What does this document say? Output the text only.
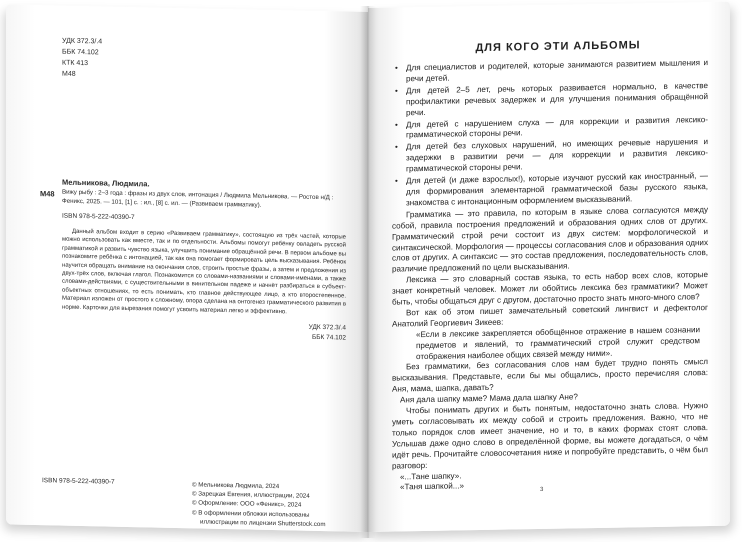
УДК 372.3/.4
ББК 74.102
КТК 413
M48
Мельникова, Людмила.
M48 Вижу рыбу : 2–3 года : фразы из двух слов, интонация / Людмила Мельникова. — Ростов н/Д : Феникс, 2025. — 101, [1] с. : ил., [8] с. ил. — (Развиваем грамматику).
ISBN 978-5-222-40390-7
Данный альбом входит в серию «Развиваем грамматику», состоящую из трёх частей, которые можно использовать как вместе, так и по отдельности. Альбомы помогут ребёнку овладеть русской грамматикой и развить чувство языка, улучшить понимание обращённой речи. В первом альбоме вы познакомите ребёнка с интонацией, так как она помогает формировать цель высказывания. Ребёнок научится обращать внимание на окончания слов, строить простые фразы, а затем и предложения из двух-трёх слов, включая глагол. Познакомится со словами-названиями и словами-именами, а также словами-действиями, с существительными в винительном падеже и начнёт разбираться в субъект-объектных отношениях, то есть понимать, кто главное действующее лицо, а кто второстепенное. Материал изложен от простого к сложному, опора сделана на онтогенез грамматического развития в норме. Карточки для вырезания помогут усвоить материал легко и эффективно.
УДК 372.3/.4
ББК 74.102
ISBN 978-5-222-40390-7	© Мельникова Людмила, 2024
© Зарецкая Евгения, иллюстрации, 2024
© Оформление: ООО «Феникс», 2024
© В оформлении обложки использованы
иллюстрации по лицензии Shutterstock.com
ДЛЯ КОГО ЭТИ АЛЬБОМЫ
• Для специалистов и родителей, которые занимаются развитием мышления и речи детей.
• Для детей 2–5 лет, речь которых развивается нормально, в качестве профилактики речевых задержек и для улучшения понимания обращённой речи.
• Для детей с нарушением слуха — для коррекции и развития лексико-грамматической стороны речи.
• Для детей без слуховых нарушений, но имеющих речевые нарушения и задержки в развитии речи — для коррекции и развития лексико-грамматической стороны речи.
• Для детей (и даже взрослых!), которые изучают русский как иностранный, — для формирования элементарной грамматической базы русского языка, знакомства с интонационным оформлением высказываний.

Грамматика — это правила, по которым в языке слова согласуются между собой, правила построения предложений и образования одних слов от других. Грамматический строй речи состоит из двух систем: морфологической и синтаксической. Морфология — процессы согласования слов и образования одних слов от других. А синтаксис — это состав предложения, последовательность слов, различие предложений по цели высказывания.

Лексика — это словарный состав языка, то есть набор всех слов, которые знает конкретный человек. Может ли обойтись лексика без грамматики? Может быть, чтобы общаться друг с другом, достаточно просто знать много-много слов?

Вот как об этом пишет замечательный советский лингвист и дефектолог Анатолий Георгиевич Зикеев:

«Если в лексике закрепляется обобщённое отражение в нашем сознании предметов и явлений, то грамматический строй служит средством отображения наиболее общих связей между ними».

Без грамматики, без согласования слов нам будет трудно понять смысл высказывания. Представьте, если бы мы общались, просто перечисляя слова: Аня, мама, шапка, давать?

Аня дала шапку маме? Мама дала шапку Ане?

Чтобы понимать других и быть понятым, недостаточно знать слова. Нужно уметь согласовывать их между собой и строить предложения. Важно, что не только порядок слов имеет значение, но и то, в каких формах стоят слова. Услышав даже одно слово в определённой форме, вы можете догадаться, о чём идёт речь. Прочитайте словосочетания ниже и попробуйте представить, о чём был разговор:

«...Тане шапку».

«Таня шапкой...»	3
